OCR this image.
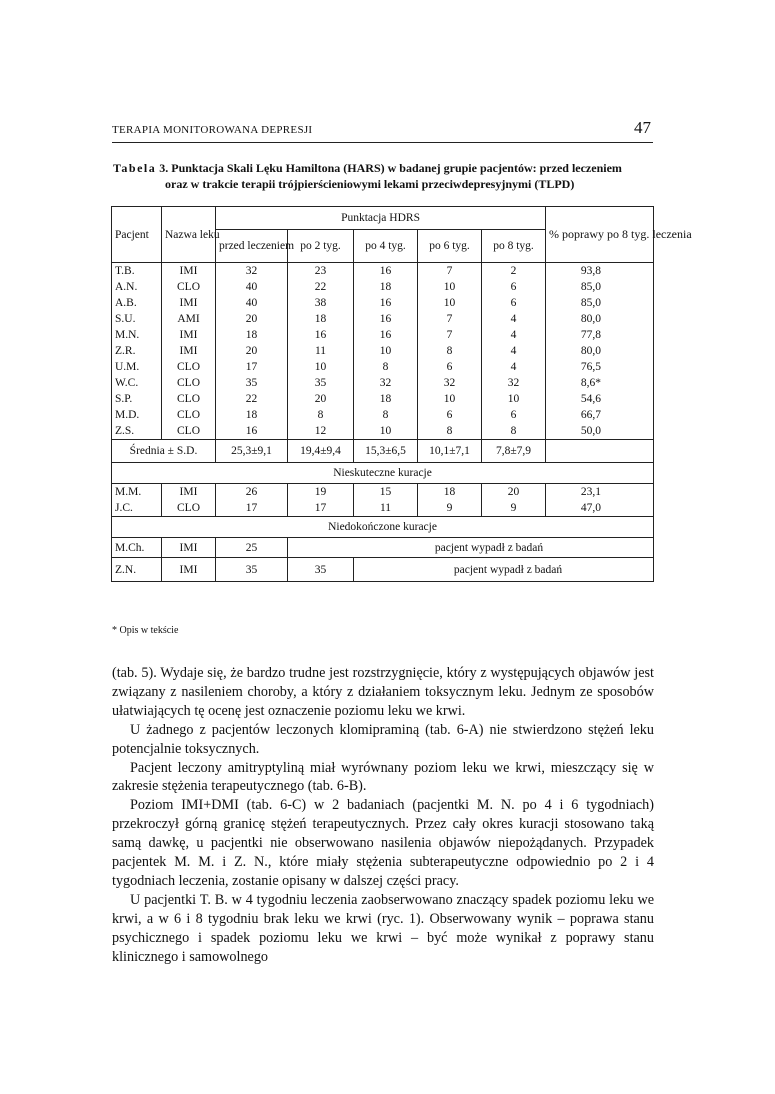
TERAPIA MONITOROWANA DEPRESJI	47
Tabela 3. Punktacja Skali Lęku Hamiltona (HARS) w badanej grupie pacjentów: przed leczeniem
oraz w trakcie terapii trójpierścieniowymi lekami przeciwdepresyjnymi (TLPD)
Pacjent	Nazwa leku	Punktacja HDRS					% poprawy po 8 tyg. leczenia
		przed leczeniem	po 2 tyg.	po 4 tyg.	po 6 tyg.	po 8 tyg.	
T.B.	IMI	32	23	16	7	2	93,8
A.N.	CLO	40	22	18	10	6	85,0
A.B.	IMI	40	38	16	10	6	85,0
S.U.	AMI	20	18	16	7	4	80,0
M.N.	IMI	18	16	16	7	4	77,8
Z.R.	IMI	20	11	10	8	4	80,0
U.M.	CLO	17	10	8	6	4	76,5
W.C.	CLO	35	35	32	32	32	8,6*
S.P.	CLO	22	20	18	10	10	54,6
M.D.	CLO	18	8	8	6	6	66,7
Z.S.	CLO	16	12	10	8	8	50,0
Średnia ± S.D.		25,3±9,1	19,4±9,4	15,3±6,5	10,1±7,1	7,8±7,9	
Nieskuteczne kuracje							
M.M.	IMI	26	19	15	18	20	23,1
J.C.	CLO	17	17	11	9	9	47,0
Niedokończone kuracje							
M.Ch.	IMI	25	pacjent wypadł z badań				
Z.N.	IMI	35	35	pacjent wypadł z badań			
* Opis w tekście

(tab. 5). Wydaje się, że bardzo trudne jest rozstrzygnięcie, który z występujących objawów jest związany z nasileniem choroby, a który z działaniem toksycznym leku. Jednym ze sposobów ułatwiających tę ocenę jest oznaczenie poziomu leku we krwi.

U żadnego z pacjentów leczonych klomipraminą (tab. 6-A) nie stwierdzono stężeń leku potencjalnie toksycznych.

Pacjent leczony amitryptyliną miał wyrównany poziom leku we krwi, mieszczący się w zakresie stężenia terapeutycznego (tab. 6-B).

Poziom IMI+DMI (tab. 6-C) w 2 badaniach (pacjentki M. N. po 4 i 6 tygodniach) przekroczył górną granicę stężeń terapeutycznych. Przez cały okres kuracji stosowano taką samą dawkę, u pacjentki nie obserwowano nasilenia objawów niepożądanych. Przypadek pacjentek M. M. i Z. N., które miały stężenia subterapeutyczne odpowiednio po 2 i 4 tygodniach leczenia, zostanie opisany w dalszej części pracy.

U pacjentki T. B. w 4 tygodniu leczenia zaobserwowano znaczący spadek poziomu leku we krwi, a w 6 i 8 tygodniu brak leku we krwi (ryc. 1). Obserwowany wynik – poprawa stanu psychicznego i spadek poziomu leku we krwi – być może wynikał z poprawy stanu klinicznego i samowolnego
